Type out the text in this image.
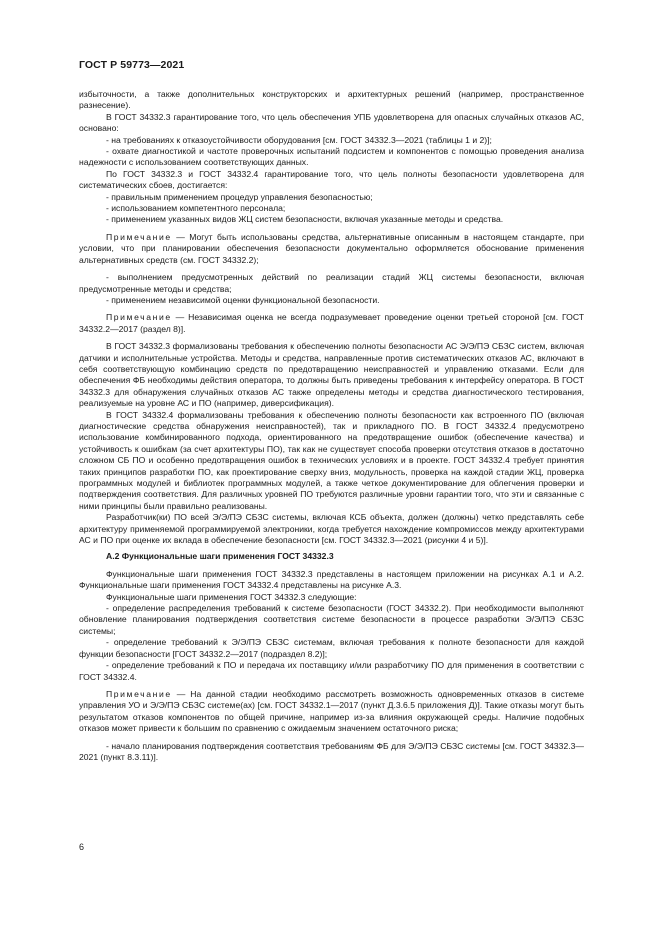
ГОСТ Р 59773—2021

избыточности, а также дополнительных конструкторских и архитектурных решений (например, пространственное разнесение).

В ГОСТ 34332.3 гарантирование того, что цель обеспечения УПБ удовлетворена для опасных случайных отказов АС, основано:

- на требованиях к отказоустойчивости оборудования [см. ГОСТ 34332.3—2021 (таблицы 1 и 2)];

- охвате диагностикой и частоте проверочных испытаний подсистем и компонентов с помощью проведения анализа надежности с использованием соответствующих данных.

По ГОСТ 34332.3 и ГОСТ 34332.4 гарантирование того, что цель полноты безопасности удовлетворена для систематических сбоев, достигается:

- правильным применением процедур управления безопасностью;

- использованием компетентного персонала;

- применением указанных видов ЖЦ систем безопасности, включая указанные методы и средства.

Примечание — Могут быть использованы средства, альтернативные описанным в настоящем стандарте, при условии, что при планировании обеспечения безопасности документально оформляется обоснование применения альтернативных средств (см. ГОСТ 34332.2);

- выполнением предусмотренных действий по реализации стадий ЖЦ системы безопасности, включая предусмотренные методы и средства;

- применением независимой оценки функциональной безопасности.

Примечание — Независимая оценка не всегда подразумевает проведение оценки третьей стороной [см. ГОСТ 34332.2—2017 (раздел 8)].

В ГОСТ 34332.3 формализованы требования к обеспечению полноты безопасности АС Э/Э/ПЭ СБЗС систем, включая датчики и исполнительные устройства. Методы и средства, направленные против систематических отказов АС, включают в себя соответствующую комбинацию средств по предотвращению неисправностей и управлению отказами. Если для обеспечения ФБ необходимы действия оператора, то должны быть приведены требования к интерфейсу оператора. В ГОСТ 34332.3 для обнаружения случайных отказов АС также определены методы и средства диагностического тестирования, реализуемые на уровне АС и ПО (например, диверсификация).

В ГОСТ 34332.4 формализованы требования к обеспечению полноты безопасности как встроенного ПО (включая диагностические средства обнаружения неисправностей), так и прикладного ПО. В ГОСТ 34332.4 предусмотрено использование комбинированного подхода, ориентированного на предотвращение ошибок (обеспечение качества) и устойчивость к ошибкам (за счет архитектуры ПО), так как не существует способа проверки отсутствия отказов в достаточно сложном СБ ПО и особенно предотвращения ошибок в технических условиях и в проекте. ГОСТ 34332.4 требует принятия таких принципов разработки ПО, как проектирование сверху вниз, модульность, проверка на каждой стадии ЖЦ, проверка программных модулей и библиотек программных модулей, а также четкое документирование для облегчения проверки и подтверждения соответствия. Для различных уровней ПО требуются различные уровни гарантии того, что эти и связанные с ними принципы были правильно реализованы.

Разработчик(ки) ПО всей Э/Э/ПЭ СБЗС системы, включая КСБ объекта, должен (должны) четко представлять себе архитектуру применяемой программируемой электроники, когда требуется нахождение компромиссов между архитектурами АС и ПО при оценке их вклада в обеспечение безопасности [см. ГОСТ 34332.3—2021 (рисунки 4 и 5)].

А.2 Функциональные шаги применения ГОСТ 34332.3

Функциональные шаги применения ГОСТ 34332.3 представлены в настоящем приложении на рисунках А.1 и А.2. Функциональные шаги применения ГОСТ 34332.4 представлены на рисунке А.3.

Функциональные шаги применения ГОСТ 34332.3 следующие:

- определение распределения требований к системе безопасности (ГОСТ 34332.2). При необходимости выполняют обновление планирования подтверждения соответствия системе безопасности в процессе разработки Э/Э/ПЭ СБЗС системы;

- определение требований к Э/Э/ПЭ СБЗС системам, включая требования к полноте безопасности для каждой функции безопасности [ГОСТ 34332.2—2017 (подраздел 8.2)];

- определение требований к ПО и передача их поставщику и/или разработчику ПО для применения в соответствии с ГОСТ 34332.4.

Примечание — На данной стадии необходимо рассмотреть возможность одновременных отказов в системе управления УО и Э/Э/ПЭ СБЗС системе(ах) [см. ГОСТ 34332.1—2017 (пункт Д.3.6.5 приложения Д)]. Такие отказы могут быть результатом отказов компонентов по общей причине, например из-за влияния окружающей среды. Наличие подобных отказов может привести к большим по сравнению с ожидаемым значением остаточного риска;

- начало планирования подтверждения соответствия требованиям ФБ для Э/Э/ПЭ СБЗС системы [см. ГОСТ 34332.3—2021 (пункт 8.3.11)].

6
